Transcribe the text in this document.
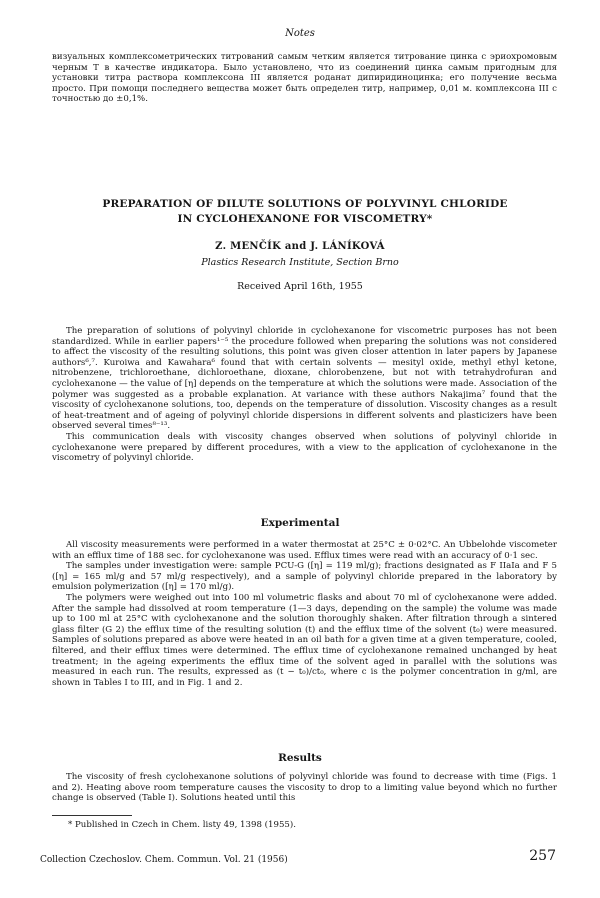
Notes

визуальных комплексометрических титрований самым четким является титрование цинка с эриохромовым черным Т в качестве индикатора. Было установлено, что из соединений цинка самым пригодным для установки титра раствора комплексона III является роданат дипиридиноцинка; его получение весьма просто. При помощи последнего вещества может быть определен титр, например, 0,01 м. комплексона III с точностью до ±0,1%.

PREPARATION OF DILUTE SOLUTIONS OF POLYVINYL CHLORIDE
IN CYCLOHEXANONE FOR VISCOMETRY*
Z. MENČÍK and J. LÁNÍKOVÁ
Plastics Research Institute, Section Brno
Received April 16th, 1955

The preparation of solutions of polyvinyl chloride in cyclohexanone for viscometric purposes has not been standardized. While in earlier papers¹⁻⁵ the procedure followed when preparing the solutions was not considered to affect the viscosity of the resulting solutions, this point was given closer attention in later papers by Japanese authors⁶,⁷. Kuroiwa and Kawahara⁶ found that with certain solvents — mesityl oxide, methyl ethyl ketone, nitrobenzene, trichloroethane, dichloroethane, dioxane, chlorobenzene, but not with tetrahydrofuran and cyclohexanone — the value of [η] depends on the temperature at which the solutions were made. Association of the polymer was suggested as a probable explanation. At variance with these authors Nakajima⁷ found that the viscosity of cyclohexanone solutions, too, depends on the temperature of dissolution. Viscosity changes as a result of heat-treatment and of ageing of polyvinyl chloride dispersions in different solvents and plasticizers have been observed several times⁸⁻¹³.

This communication deals with viscosity changes observed when solutions of polyvinyl chloride in cyclohexanone were prepared by different procedures, with a view to the application of cyclohexanone in the viscometry of polyvinyl chloride.

Experimental

All viscosity measurements were performed in a water thermostat at 25°C ± 0·02°C. An Ubbelohde viscometer with an efflux time of 188 sec. for cyclohexanone was used. Efflux times were read with an accuracy of 0·1 sec.

The samples under investigation were: sample PCU-G ([η] = 119 ml/g); fractions designated as F IIaIa and F 5 ([η] = 165 ml/g and 57 ml/g respectively), and a sample of polyvinyl chloride prepared in the laboratory by emulsion polymerization ([η] = 170 ml/g).

The polymers were weighed out into 100 ml volumetric flasks and about 70 ml of cyclohexanone were added. After the sample had dissolved at room temperature (1—3 days, depending on the sample) the volume was made up to 100 ml at 25°C with cyclohexanone and the solution thoroughly shaken. After filtration through a sintered glass filter (G 2) the efflux time of the resulting solution (t) and the efflux time of the solvent (t₀) were measured. Samples of solutions prepared as above were heated in an oil bath for a given time at a given temperature, cooled, filtered, and their efflux times were determined. The efflux time of cyclohexanone remained unchanged by heat treatment; in the ageing experiments the efflux time of the solvent aged in parallel with the solutions was measured in each run. The results, expressed as (t − t₀)/ct₀, where c is the polymer concentration in g/ml, are shown in Tables I to III, and in Fig. 1 and 2.

Results

The viscosity of fresh cyclohexanone solutions of polyvinyl chloride was found to decrease with time (Figs. 1 and 2). Heating above room temperature causes the viscosity to drop to a limiting value beyond which no further change is observed (Table I). Solutions heated until this

* Published in Czech in Chem. listy 49, 1398 (1955).
Collection Czechoslov. Chem. Commun. Vol. 21 (1956)	257
